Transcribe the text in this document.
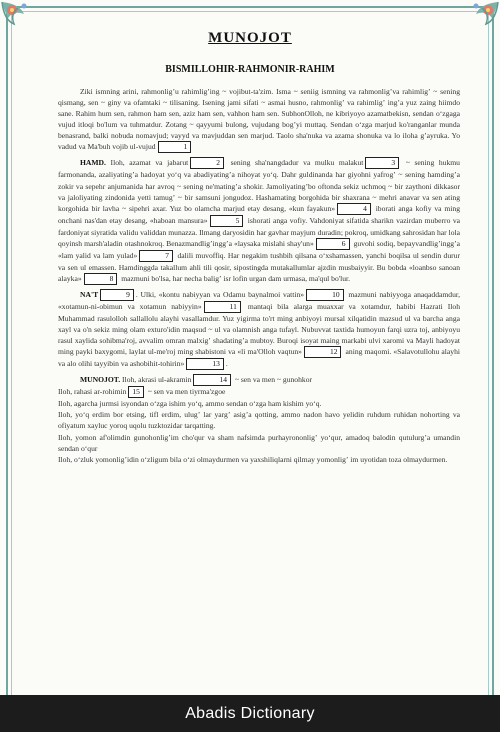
MUNOJOT
BISMILLOHIR-RAHMONIR-RAHIM

Ziki ismning arini, rahmonligʼu rahimligʼing ~ vojibut-ta'zim. Isma ~ seniig ismning va rahmonligʼva rahimligʼ ~ sening qismang, sen ~ giny va ofamtaki ~ tilisaning. Isening jami sifati ~ asmai husno, rahmonligʼ va rahimligʼ ingʼa yuz zaing hiimdo sane. Rahim hum sen, rahmon ham sen, aziz ham sen, vahhon ham sen. SubhonOlloh, ne kibriyoyo azamatbekisn, sendan oʻzgaga vujud itloqi bo'lum va tuhmatdur. Zotang ~ qayyumi bulong, vujudang bogʼyi muttaq. Sendan oʻzga marjud ko'ranganlar munda benasrand, balki nobuda nomavjud; vayyd va mavjuddan sen marjud. Taolo sha'nuka va azama shonuka va lo iloha gʼayruka. Yo vadud va Ma'buh vojib ul-vujud	1

HAMD. Iloh, azamat va jabarut	2 sening sha'nangdadur va mulku malakut	3 ~ sening hukmu farmonanda, azaliyatingʼa hadoyat yoʻq va abadiyatingʼa nihoyat yoʻq. Dahr guldinanda har giyohni yafrogʼ ~ sening hamdingʼa zokir va sepehr anjumanida har avroq ~ sening ne'matingʼa shokir. Jamoliyatingʼbo oftonda sekiz uchmoq ~ bir zaythoni dikkasor va jaloliyating zindonida yetti tamugʼ ~ bir samsuni jongudoz. Hashamating borgohida bir shaxrana ~ mehri anavar va sen ating korgohida bir lavha ~ sipehri axar. Yuz bo olamcha marjud etay desang, «kun fayakun»	4 iborati anga kofiy va ming onchani nas'dan etay desang, «haboan mansura»	5 ishorati anga vofiy. Vahdoniyat sifatida sharikn vazirdan muberro va fardoniyat siyratida validu validdan munazza. Ilmang daryosidin har gavhar mayjum duradin; pokroq, umidkang sahrosidan har lola qoyinsh marsh'aladin otashnokroq. Benazmandligʼinggʼa «laysaka mislahi shay'un»	6 guvohi sodiq, bepayvandligʼinggʼa «lam yalid va lam yulad»	7 dalili muvoffiq. Har negakim tushbih qilsana oʻxshamassen, yanchi boqilsa ul sendin durur va sen ul emassen. Hamdinggda takallum ahli tili qosir, sipostingda mutakallumlar ajzdin musbaiyyir. Bu bobda «loanbso sanoan alayka»	8 mazmuni bo'lsa, har necha baligʼ isr lofin urgan dam urmasa, ma'qul bo'lur.

NA'T	9 . Ulki, «kontu nabiyyan va Odamu baynalmoi vattin»	10 mazmuni nabiyyoga anaqaddamdur, «xotamun-ni-obimun va xotamun nabiyyin»	11 mantaqi bila alarga muaxxar va xotamdur, habibi Hazrati Iloh Muhammad rasulolloh sallallolu alayhi vasallamdur. Yuz yigirma to'rt ming anbiyoyi mursal xilqatidin mazsud ul va barcha anga xayl va o'n sekiz ming olam exturo'idin maqsud ~ ul va olamnish anga tufayl. Nubuvvat taxtida humoyun farqi uzra toj, anbiyoyu rasul xaylida sohibma'roj, avvalim omran malxigʼ shadatingʼa mubtoy. Buroqi isoyat maing markabi ulvi xaromi va Mayli hadoyat ming payki baxygomi, laylat ul-me'roj ming shabistoni va «li ma'Olloh vaqtun»	12 aning maqomi. «Salavotullohu alayhi va alo olihi tayyibin va ashobihit-tohirin»	13 .

MUNOJOT. Iloh, akrasi ul-akramin	14 ~ sen va men ~ gunohkor

Iloh, rahasi ar-rohimin 15 ~ sen va men tiyrma'zgoe

Iloh, agarcha jurmsi isyondan oʻzga ishim yoʻq, ammo sendan oʻzga ham kishim yoʻq.

Iloh, yoʻq erdim bor etsing, tifl erdim, ulugʼ lar yargʼ asigʼa qotting, ammo nadon havo yelidin ruhdum ruhidan nohorting va ofiyatum xayluc yoroq uqolu tuzktozidar tarqatting.

Iloh, yomon af'olimdin gunohonligʼim cho'qur va sham nafsimda purhayrononligʼ yoʻqur, amadoq balodin qutulurgʼa umandin sendan oʻqur

Iloh, oʻzluk yomonligʼidin oʻzligum bila oʻzi olmaydurmen va yaxshiliqlarni qilmay yomonligʼ im uyotidan toza olmaydurmen.

Abadis Dictionary
